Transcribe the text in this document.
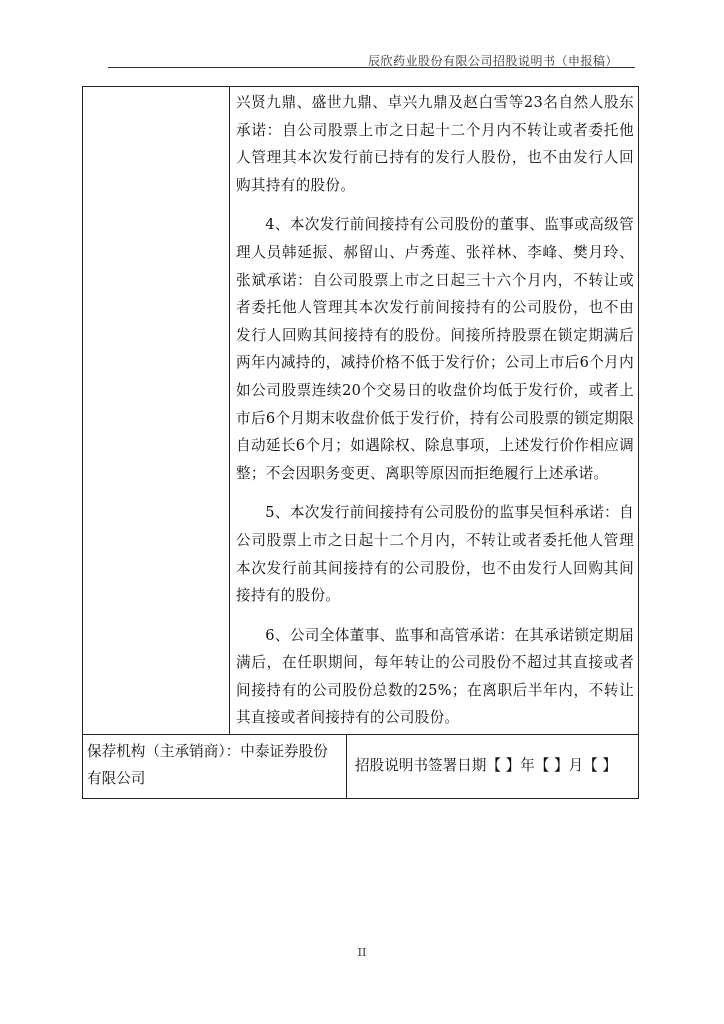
辰欣药业股份有限公司招股说明书（申报稿）

兴贤九鼎、盛世九鼎、卓兴九鼎及赵白雪等23名自然人股东承诺：自公司股票上市之日起十二个月内不转让或者委托他人管理其本次发行前已持有的发行人股份，也不由发行人回购其持有的股份。

4、本次发行前间接持有公司股份的董事、监事或高级管理人员韩延振、郝留山、卢秀莲、张祥林、李峰、樊月玲、张斌承诺：自公司股票上市之日起三十六个月内，不转让或者委托他人管理其本次发行前间接持有的公司股份，也不由发行人回购其间接持有的股份。间接所持股票在锁定期满后两年内减持的，减持价格不低于发行价；公司上市后6个月内如公司股票连续20个交易日的收盘价均低于发行价，或者上市后6个月期末收盘价低于发行价，持有公司股票的锁定期限自动延长6个月；如遇除权、除息事项，上述发行价作相应调整；不会因职务变更、离职等原因而拒绝履行上述承诺。

5、本次发行前间接持有公司股份的监事吴恒科承诺：自公司股票上市之日起十二个月内，不转让或者委托他人管理本次发行前其间接持有的公司股份，也不由发行人回购其间接持有的股份。

6、公司全体董事、监事和高管承诺：在其承诺锁定期届满后，在任职期间，每年转让的公司股份不超过其直接或者间接持有的公司股份总数的25%；在离职后半年内，不转让其直接或者间接持有的公司股份。

保荐机构（主承销商）：中泰证券股份有限公司
招股说明书签署日期【 】年【 】月【 】
II
